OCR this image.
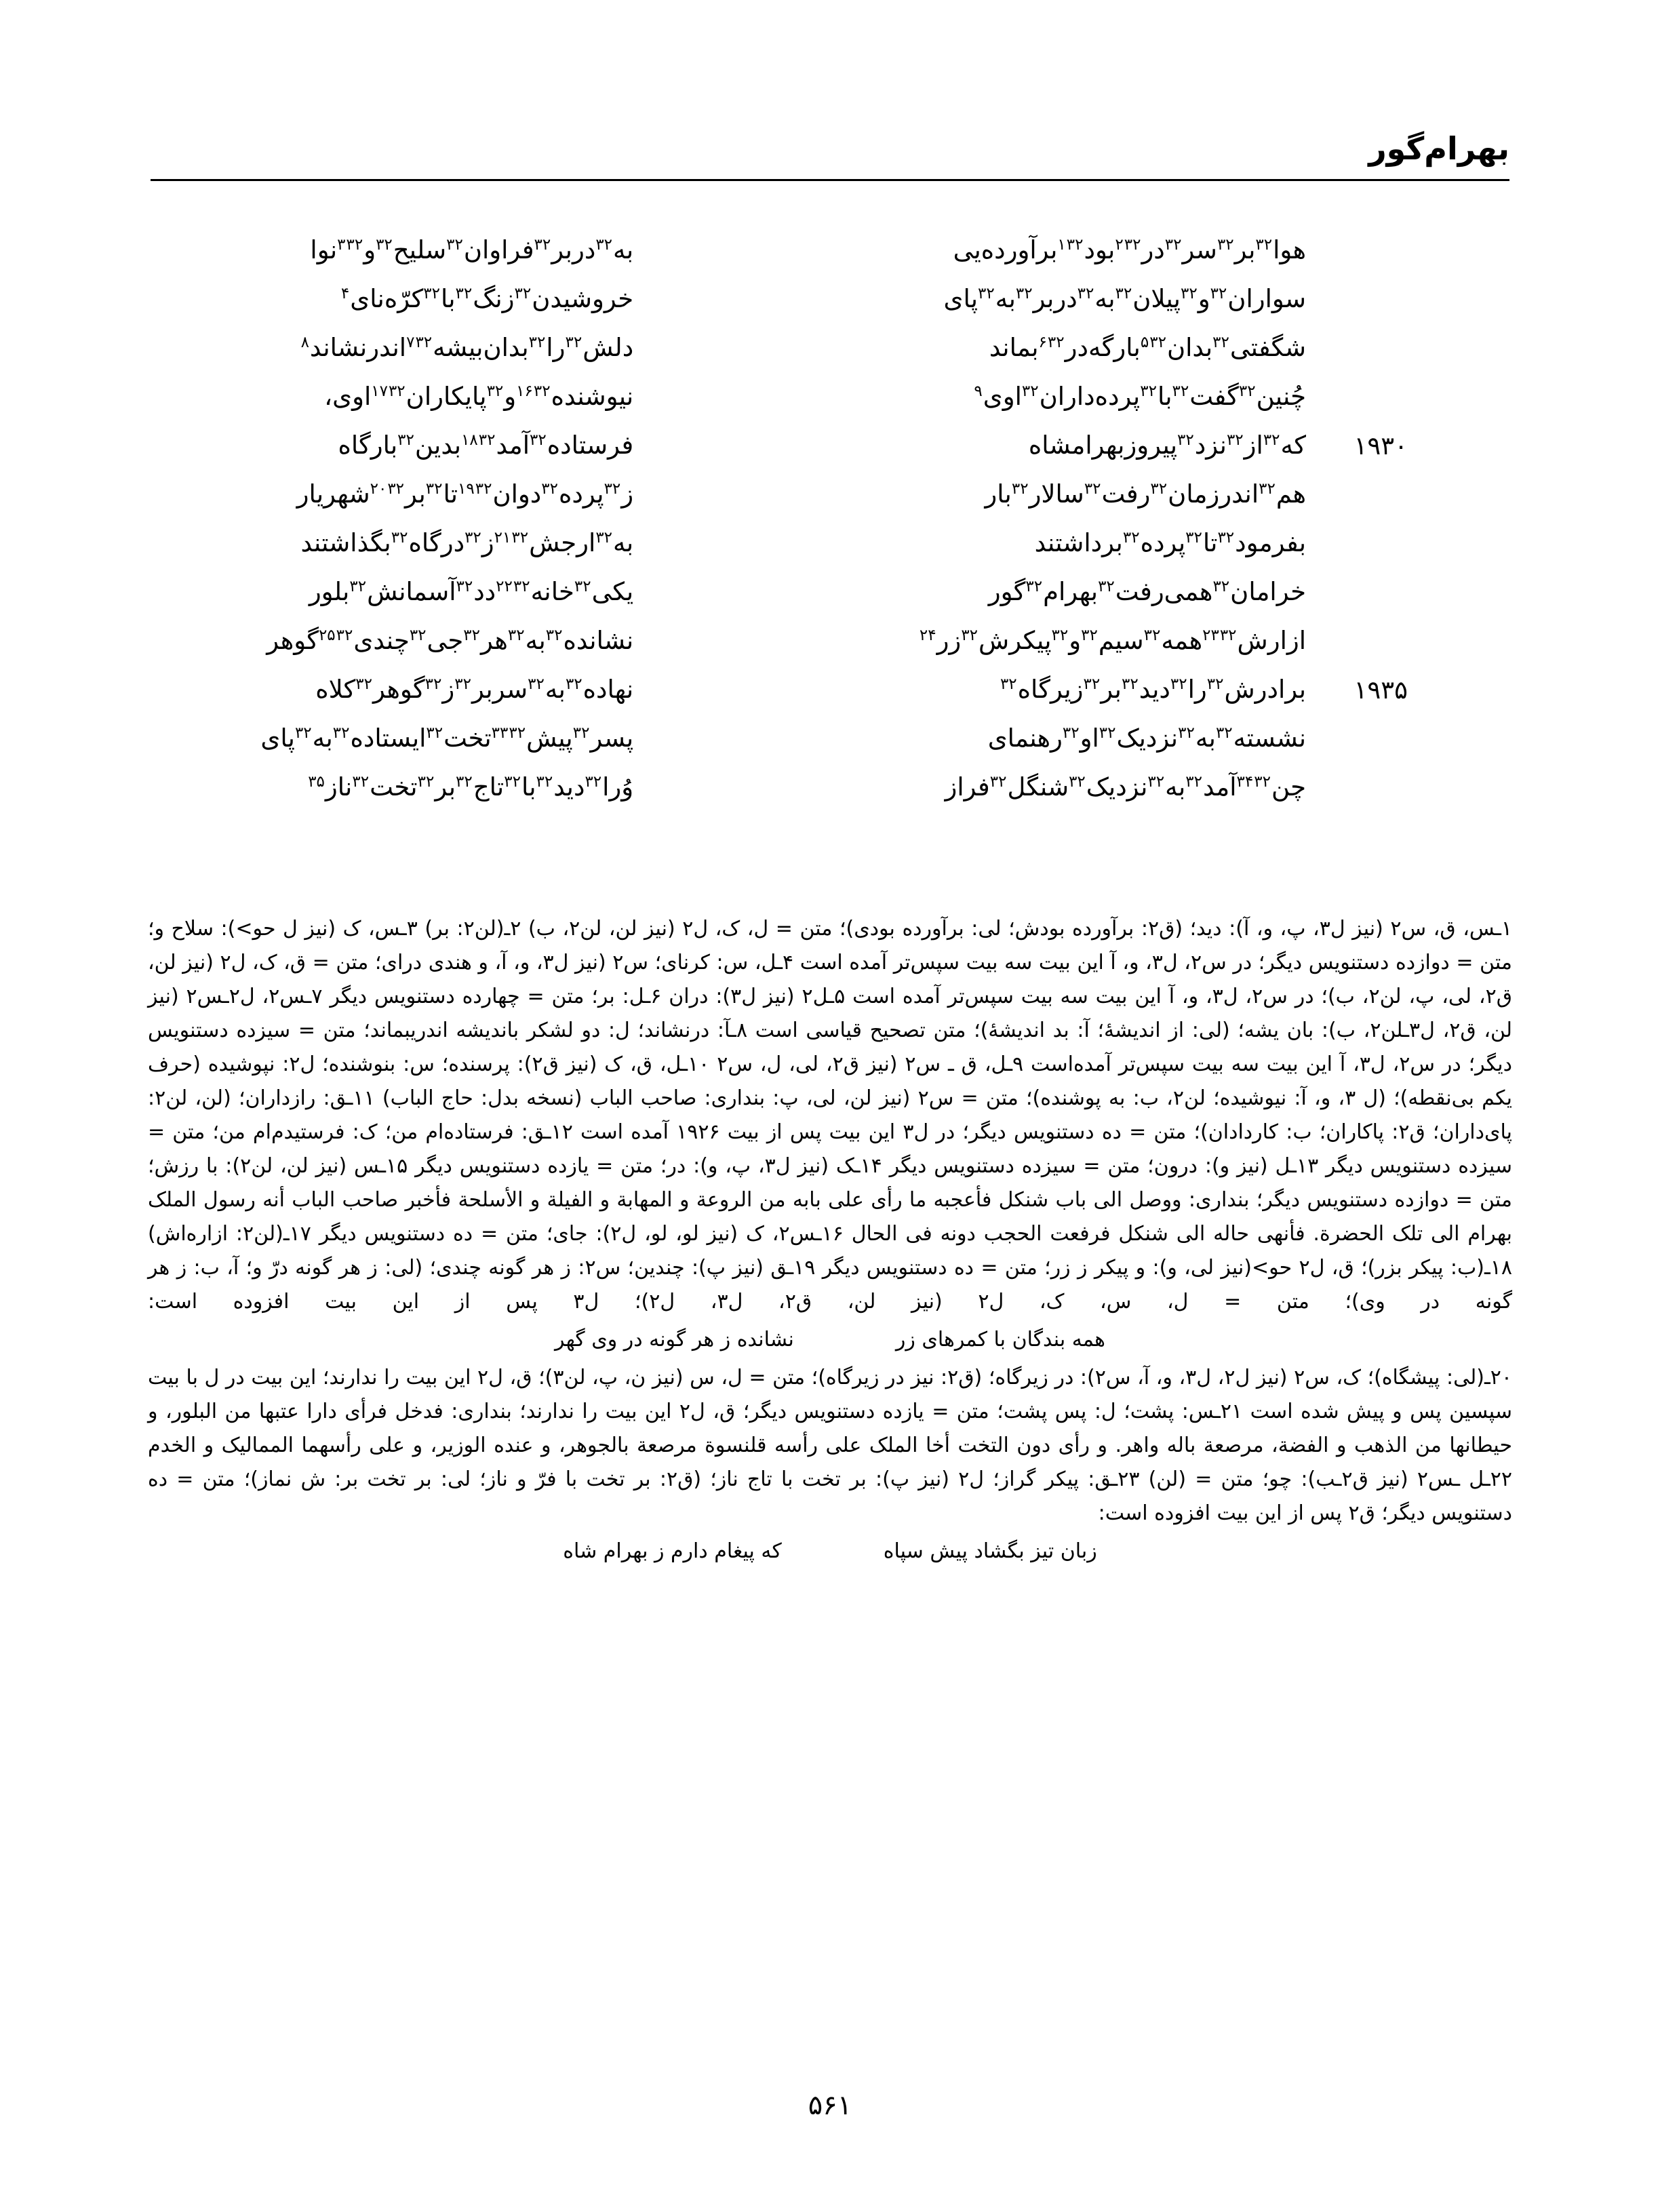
بهرام‌گور
هوا$^{۳۲}$بر$^{۳۲}$سر$^{۳۲}$در$^{۲۳۲}$بود$^{۱۳۲}$برآورده‌یی
به$^{۳۲}$دربر$^{۳۲}$فراوان$^{۳۲}$سلیح$^{۳۲}$و$^{۳۳۲}$نوا
سواران$^{۳۲}$و$^{۳۲}$پیلان$^{۳۲}$به$^{۳۲}$دربر$^{۳۲}$به$^{۳۲}$پای
خروشیدن$^{۳۲}$زنگ$^{۳۲}$با$^{۳۲}$کرّه‌نای$^۴$
شگفتی$^{۳۲}$بدان$^{۵۳۲}$بارگه‌در$^{۶۳۲}$بماند
دلش$^{۳۲}$را$^{۳۲}$بدان‌بیشه$^{۷۳۲}$اندرنشاند$^۸$
چُنین$^{۳۲}$گفت$^{۳۲}$با$^{۳۲}$پرده‌داران$^{۳۲}$اوی$^۹$
نیوشنده$^{۱۶۳۲}$و$^{۳۲}$پایکاران$^{۱۷۳۲}$اوی،
۱۹۳۰
که$^{۳۲}$از$^{۳۲}$نزد$^{۳۲}$پیروزبهرامشاه
فرستاده$^{۳۲}$آمد$^{۱۸۳۲}$بدین$^{۳۲}$بارگاه
هم$^{۳۲}$اندرزمان$^{۳۲}$رفت$^{۳۲}$سالار$^{۳۲}$بار
ز$^{۳۲}$پرده$^{۳۲}$دوان$^{۱۹۳۲}$تا$^{۳۲}$بر$^{۲۰۳۲}$شهریار
بفرمود$^{۳۲}$تا$^{۳۲}$پرده$^{۳۲}$برداشتند
به$^{۳۲}$ارجش$^{۲۱۳۲}$ز$^{۳۲}$درگاه$^{۳۲}$بگذاشتند
خرامان$^{۳۲}$همی‌رفت$^{۳۲}$بهرام$^{۳۲}$گور
یکی$^{۳۲}$خانه$^{۲۲۳۲}$دد$^{۳۲}$آسمانش$^{۳۲}$بلور
ازارش$^{۲۳۳۲}$همه$^{۳۲}$سیم$^{۳۲}$و$^{۳۲}$پیکرش$^{۳۲}$زر$^{۲۴}$
نشانده$^{۳۲}$به$^{۳۲}$هر$^{۳۲}$جی$^{۳۲}$چندی$^{۲۵۳۲}$گوهر
۱۹۳۵
برادرش$^{۳۲}$را$^{۳۲}$دید$^{۳۲}$بر$^{۳۲}$زیرگاه$^{۳۲}$
نهاده$^{۳۲}$به$^{۳۲}$سربر$^{۳۲}$ز$^{۳۲}$گوهر$^{۳۲}$کلاه
نشسته$^{۳۲}$به$^{۳۲}$نزدیک$^{۳۲}$او$^{۳۲}$رهنمای
پسر$^{۳۲}$پیش$^{۳۳۳۲}$تخت$^{۳۲}$ایستاده$^{۳۲}$به$^{۳۲}$پای
چن$^{۳۴۳۲}$آمد$^{۳۲}$به$^{۳۲}$نزدیک$^{۳۲}$شنگل$^{۳۲}$فراز
وُرا$^{۳۲}$دید$^{۳۲}$با$^{۳۲}$تاج$^{۳۲}$بر$^{۳۲}$تخت$^{۳۲}$ناز$^{۳۵}$

۱ـس، ق، س۲ (نیز ل۳، پ، و، آ): دید؛ (ق۲: برآورده بودش؛ لی: برآورده بودی)؛ متن = ل، ک، ل۲ (نیز لن، لن۲، ب) ۲ـ(لن۲: بر) ۳ـس، ک (نیز ل حو>): سلاح و؛ متن = دوازده دستنویس دیگر؛ در س۲، ل۳، و، آ این بیت سه بیت سپس‌تر آمده است ۴ـل، س: کرنای؛ س۲ (نیز ل۳، و، آ، و هندی درای؛ متن = ق، ک، ل۲ (نیز لن، ق۲، لی، پ، لن۲، ب)؛ در س۲، ل۳، و، آ این بیت سه بیت سپس‌تر آمده است ۵ـل۲ (نیز ل۳): دران ۶ـل: بر؛ متن = چهارده دستنویس دیگر ۷ـس۲، ل۲ـس۲ (نیز لن، ق۲، ل۳ـلن۲، ب): بان یشه؛ (لی: از اندیشهٔ؛ آ: بد اندیشهٔ)؛ متن تصحیح قیاسی است ۸ـآ: درنشاند؛ ل: دو لشکر باندیشه اندریبماند؛ متن = سیزده دستنویس دیگر؛ در س۲، ل۳، آ این بیت سه بیت سپس‌تر آمده‌است ۹ـل، ق ـ س۲ (نیز ق۲، لی، ل، س۲ ۱۰ـل، ق، ک (نیز ق۲): پرسنده؛ س: بنوشنده؛ ل۲: نپوشیده (حرف یکم بی‌نقطه)؛ (ل ۳، و، آ: نیوشیده؛ لن۲، ب: به پوشنده)؛ متن = س۲ (نیز لن، لی، پ: بنداری: صاحب الباب (نسخه بدل: حاج الباب) ۱۱ـق: رازداران؛ (لن، لن۲: پای‌داران؛ ق۲: پاکاران؛ ب: کاردادان)؛ متن = ده دستنویس دیگر؛ در ل۳ این بیت پس از بیت ۱۹۲۶ آمده است ۱۲ـق: فرستاده‌ام من؛ ک: فرستیدم‌ام من؛ متن = سیزده دستنویس دیگر ۱۳ـل (نیز و): درون؛ متن = سیزده دستنویس دیگر ۱۴ـک (نیز ل۳، پ، و): در؛ متن = یازده دستنویس دیگر ۱۵ـس (نیز لن، لن۲): با رزش؛ متن = دوازده دستنویس دیگر؛ بنداری: ووصل الی باب شنکل فأعجبه ما رأی علی بابه من الروعة و المهابة و الفیلة و الأسلحة فأخبر صاحب الباب أنه رسول الملک بهرام الی تلک الحضرة. فأنهی حاله الی شنکل فرفعت الحجب دونه فی الحال ۱۶ـس۲، ک (نیز لو، لو، ل۲): جای؛ متن = ده دستنویس دیگر ۱۷ـ(لن۲: ازاره‌اش) ۱۸ـ(ب: پیکر بزر)؛ ق، ل۲ حو>(نیز لی، و): و پیکر ز زر؛ متن = ده دستنویس دیگر ۱۹ـق (نیز پ): چندین؛ س۲: ز هر گونه چندی؛ (لی: ز هر گونه درّ و؛ آ، ب: ز هر گونه در وی)؛ متن = ل، س، ک، ل۲ (نیز لن، ق۲، ل۳، ل۲)؛ ل۳ پس از این بیت افزوده است:

همه بندگان با کمرهای زر
نشانده ز هر گونه در وی گهر

۲۰ـ(لی: پیشگاه)؛ ک، س۲ (نیز ل۲، ل۳، و، آ، س۲): در زیرگاه؛ (ق۲: نیز در زیرگاه)؛ متن = ل، س (نیز ن، پ، لن۳)؛ ق، ل۲ این بیت را ندارند؛ این بیت در ل با بیت سپسین پس و پیش شده است ۲۱ـس: پشت؛ ل: پس پشت؛ متن = یازده دستنویس دیگر؛ ق، ل۲ این بیت را ندارند؛ بنداری: فدخل فرأی دارا عتبها من البلور، و حیطانها من الذهب و الفضة، مرصعة باله واهر. و رأی دون التخت أخا الملک علی رأسه قلنسوة مرصعة بالجوهر، و عنده الوزیر، و علی رأسهما الممالیک و الخدم ۲۲ـل ـس۲ (نیز ق۲ـب): چو؛ متن = (لن) ۲۳ـق: پیکر گراز؛ ل۲ (نیز پ): بر تخت با تاج ناز؛ (ق۲: بر تخت با فرّ و ناز؛ لی: بر تخت بر: ش نماز)؛ متن = ده دستنویس دیگر؛ ق۲ پس از این بیت افزوده است:

زبان تیز بگشاد پیش سپاه
که پیغام دارم ز بهرام شاه
۵۶۱
